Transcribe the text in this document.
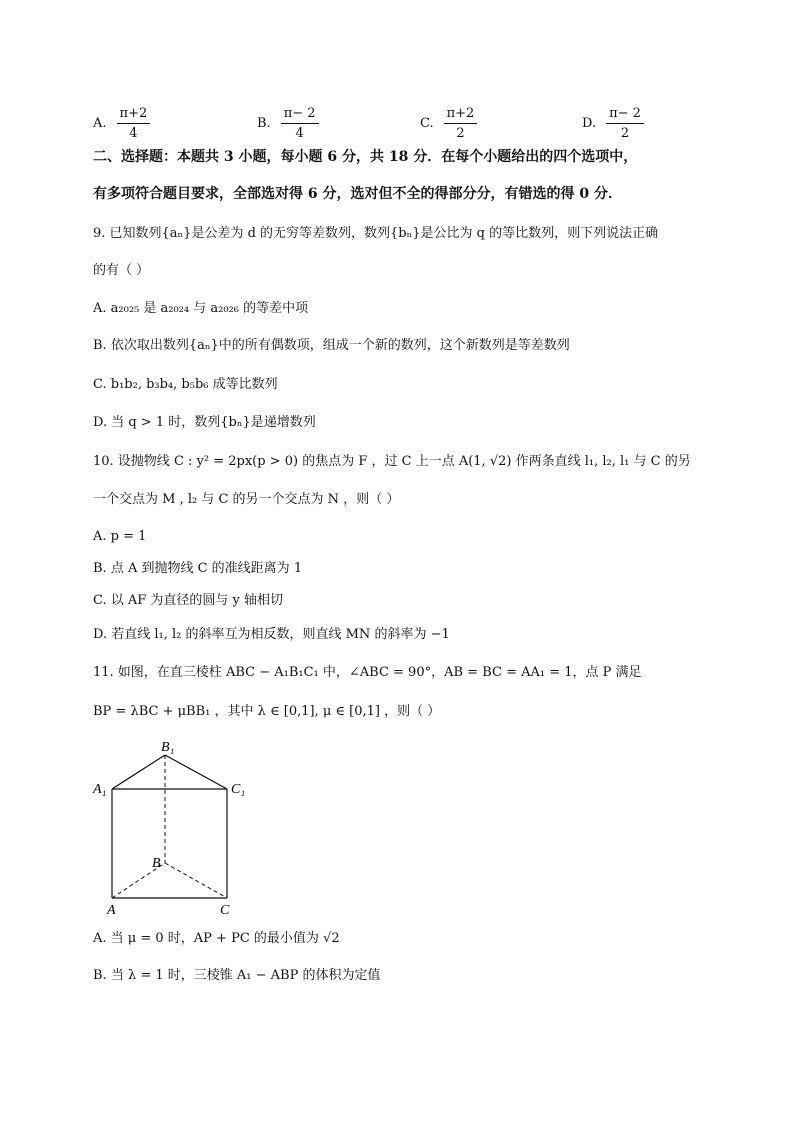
A. $\frac{\pi+2}{4}$	B. $\frac{\pi- 2}{4}$	C. $\frac{\pi+2}{2}$	D. $\frac{\pi- 2}{2}$
二、选择题：本题共 3 小题，每小题 6 分，共 18 分．在每个小题给出的四个选项中，
有多项符合题目要求，全部选对得 6 分，选对但不全的得部分分，有错选的得 0 分．
9. 已知数列{aₙ}是公差为 d 的无穷等差数列，数列{bₙ}是公比为 q 的等比数列，则下列说法正确
的有（ ）
A. a₂₀₂₅ 是 a₂₀₂₄ 与 a₂₀₂₆ 的等差中项
B. 依次取出数列{aₙ}中的所有偶数项，组成一个新的数列，这个新数列是等差数列
C. b₁b₂, b₃b₄, b₅b₆ 成等比数列
D. 当 q > 1 时，数列{bₙ}是递增数列
10. 设抛物线 C : y² = 2px(p > 0) 的焦点为 F ，过 C 上一点 A(1, √2) 作两条直线 l₁, l₂, l₁ 与 C 的另
一个交点为 M , l₂ 与 C 的另一个交点为 N ，则（ ）
A. p = 1
B. 点 A 到抛物线 C 的准线距离为 1
C. 以 AF 为直径的圆与 y 轴相切
D. 若直线 l₁, l₂ 的斜率互为相反数，则直线 MN 的斜率为 −1
11. 如图，在直三棱柱 ABC − A₁B₁C₁ 中，∠ABC = 90°，AB = BC = AA₁ = 1，点 P 满足
BP = λBC + μBB₁ ，其中 λ ∈ [0,1], μ ∈ [0,1] ，则（ ）
B₁
A₁	C₁
B
A	C
A. 当 μ = 0 时，AP + PC 的最小值为 √2
B. 当 λ = 1 时，三棱锥 A₁ − ABP 的体积为定值
